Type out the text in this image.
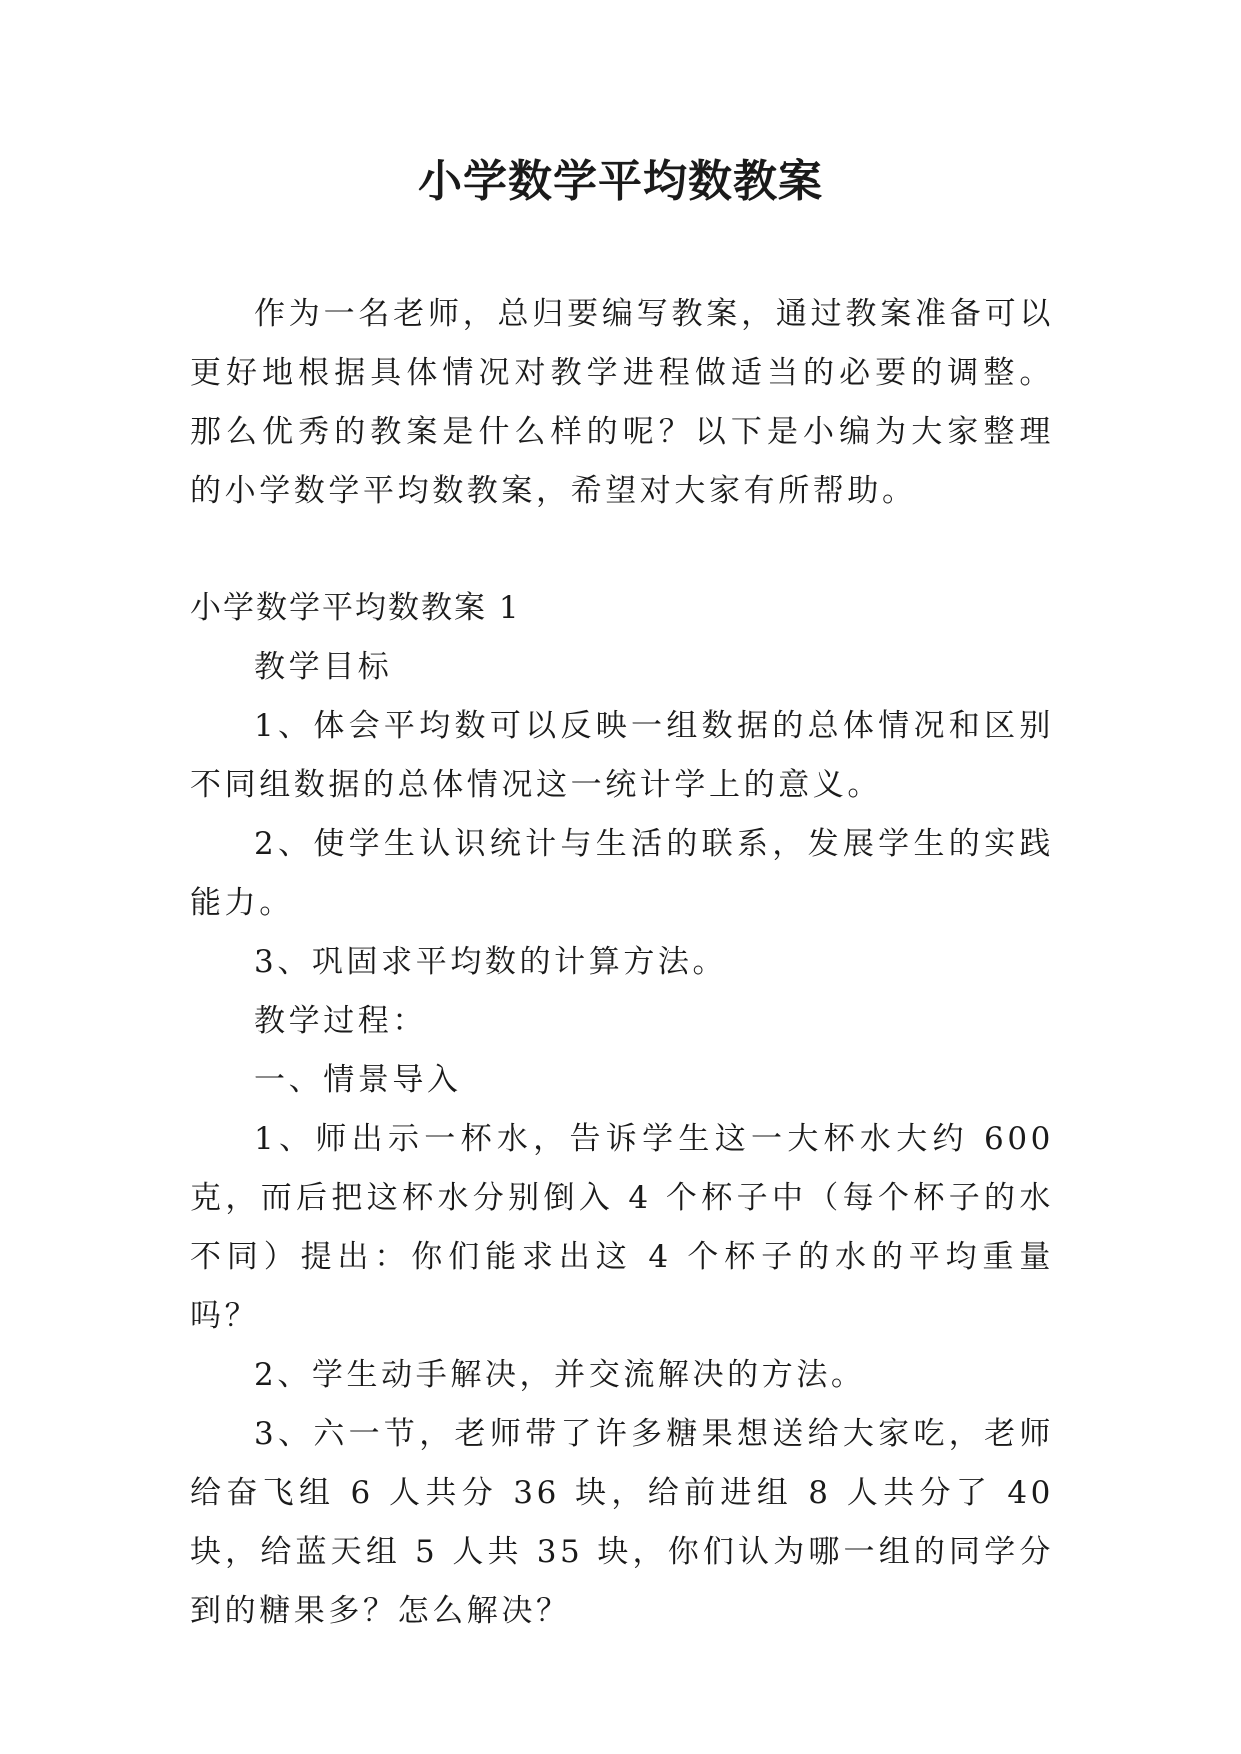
小学数学平均数教案

作为一名老师，总归要编写教案，通过教案准备可以更好地根据具体情况对教学进程做适当的必要的调整。那么优秀的教案是什么样的呢？以下是小编为大家整理的小学数学平均数教案，希望对大家有所帮助。

小学数学平均数教案 1

教学目标

1、体会平均数可以反映一组数据的总体情况和区别不同组数据的总体情况这一统计学上的意义。

2、使学生认识统计与生活的联系，发展学生的实践能力。

3、巩固求平均数的计算方法。

教学过程：

一、情景导入

1、师出示一杯水，告诉学生这一大杯水大约 600 克，而后把这杯水分别倒入 4 个杯子中（每个杯子的水不同）提出：你们能求出这 4 个杯子的水的平均重量吗？

2、学生动手解决，并交流解决的方法。

3、六一节，老师带了许多糖果想送给大家吃，老师给奋飞组 6 人共分 36 块，给前进组 8 人共分了 40 块，给蓝天组 5 人共 35 块，你们认为哪一组的同学分到的糖果多？怎么解决？
